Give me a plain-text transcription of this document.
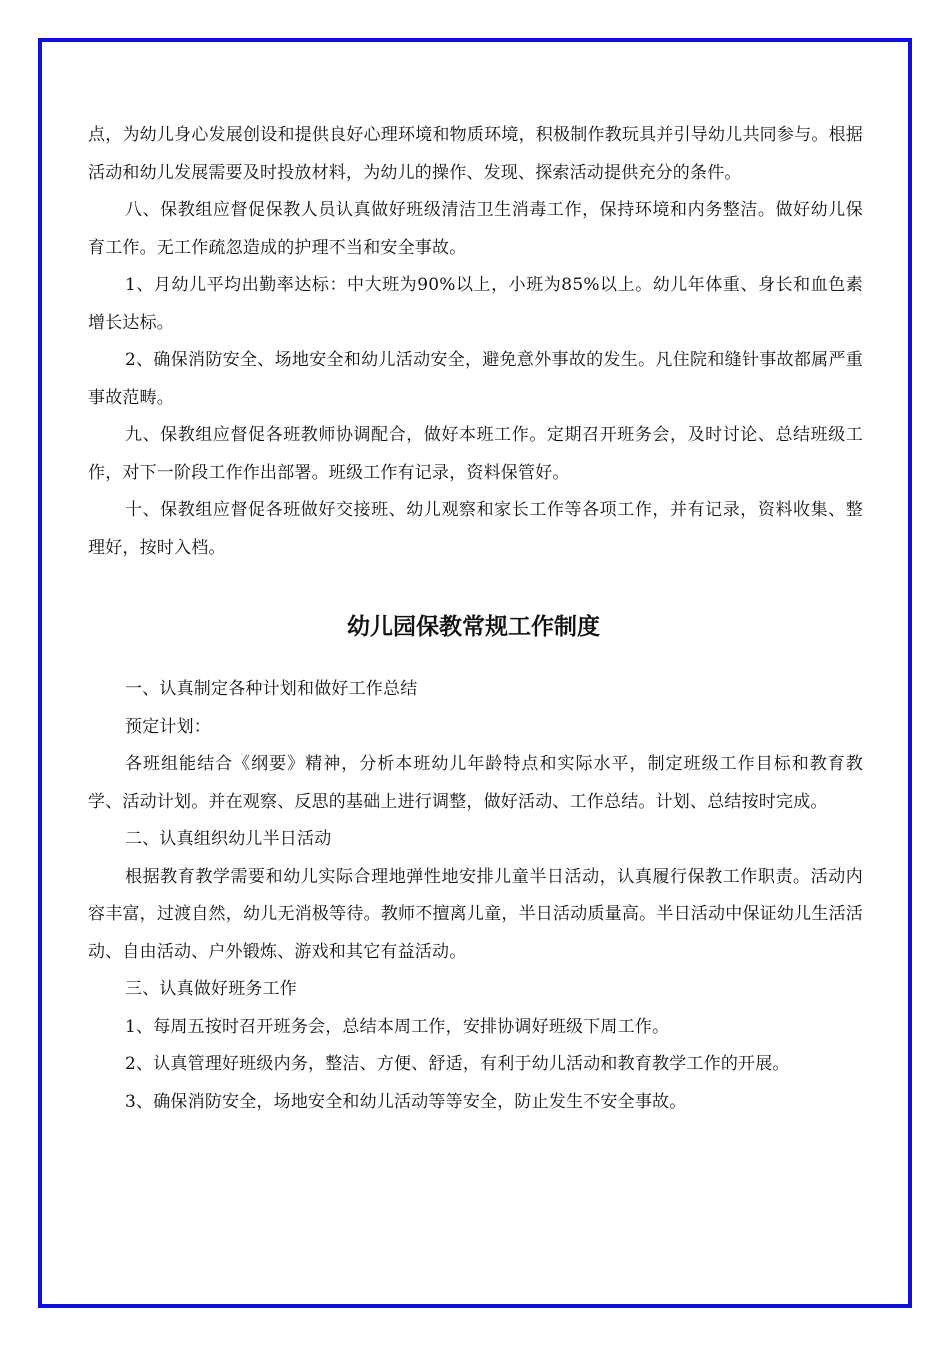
点，为幼儿身心发展创设和提供良好心理环境和物质环境，积极制作教玩具并引导幼儿共同参与。根据活动和幼儿发展需要及时投放材料，为幼儿的操作、发现、探索活动提供充分的条件。

八、保教组应督促保教人员认真做好班级清洁卫生消毒工作，保持环境和内务整洁。做好幼儿保育工作。无工作疏忽造成的护理不当和安全事故。

1、月幼儿平均出勤率达标：中大班为90%以上，小班为85%以上。幼儿年体重、身长和血色素增长达标。

2、确保消防安全、场地安全和幼儿活动安全，避免意外事故的发生。凡住院和缝针事故都属严重事故范畴。

九、保教组应督促各班教师协调配合，做好本班工作。定期召开班务会，及时讨论、总结班级工作，对下一阶段工作作出部署。班级工作有记录，资料保管好。

十、保教组应督促各班做好交接班、幼儿观察和家长工作等各项工作，并有记录，资料收集、整理好，按时入档。

幼儿园保教常规工作制度

一、认真制定各种计划和做好工作总结

预定计划：

各班组能结合《纲要》精神，分析本班幼儿年龄特点和实际水平，制定班级工作目标和教育教学、活动计划。并在观察、反思的基础上进行调整，做好活动、工作总结。计划、总结按时完成。

二、认真组织幼儿半日活动

根据教育教学需要和幼儿实际合理地弹性地安排儿童半日活动，认真履行保教工作职责。活动内容丰富，过渡自然，幼儿无消极等待。教师不擅离儿童，半日活动质量高。半日活动中保证幼儿生活活动、自由活动、户外锻炼、游戏和其它有益活动。

三、认真做好班务工作

1、每周五按时召开班务会，总结本周工作，安排协调好班级下周工作。

2、认真管理好班级内务，整洁、方便、舒适，有利于幼儿活动和教育教学工作的开展。

3、确保消防安全，场地安全和幼儿活动等等安全，防止发生不安全事故。
